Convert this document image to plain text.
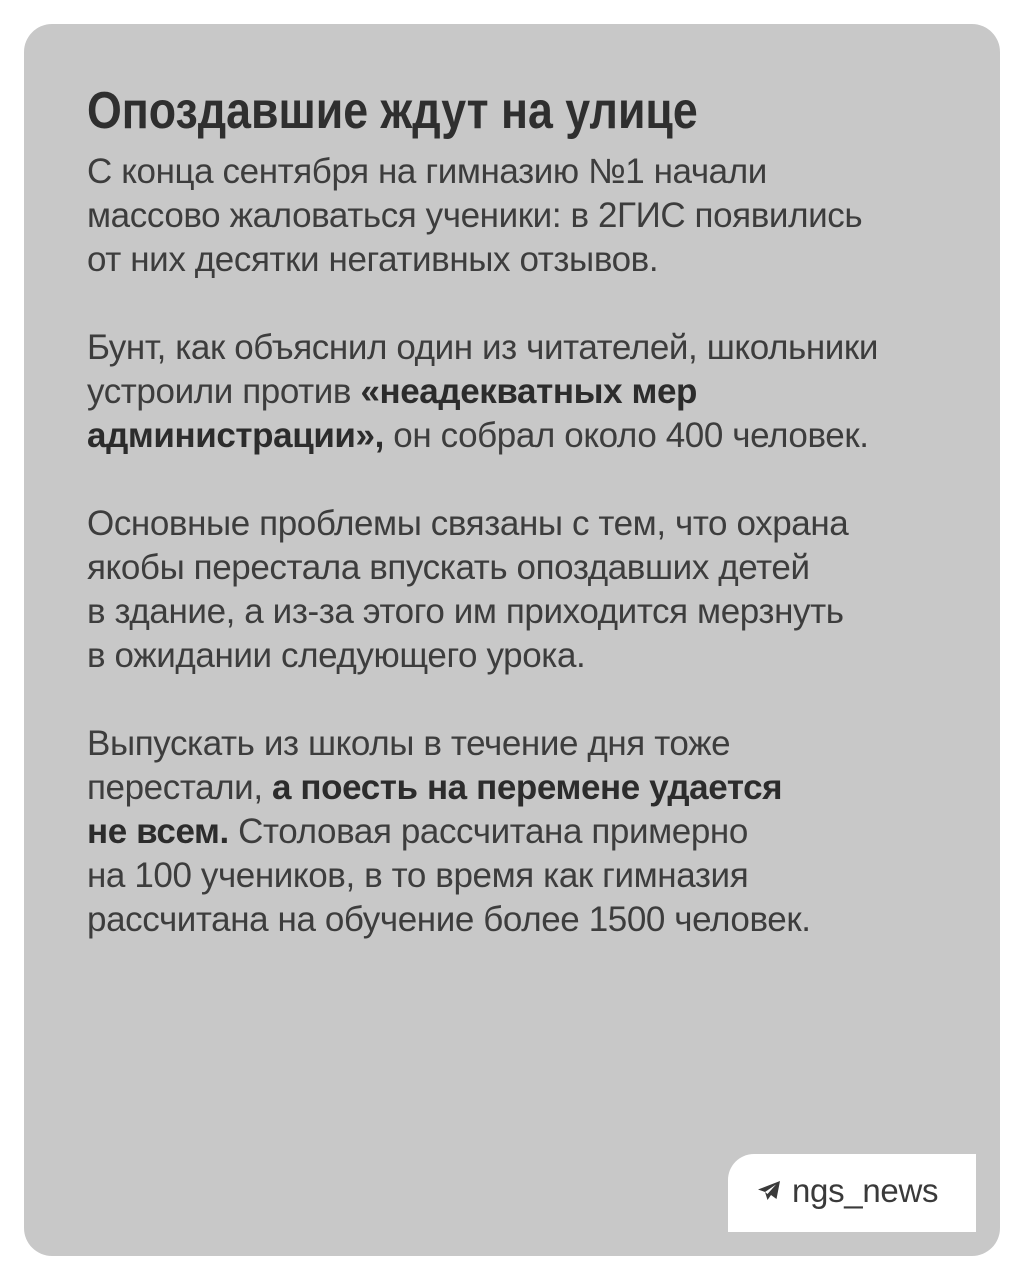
Опоздавшие ждут на улице

С конца сентября на гимназию №1 начали
массово жаловаться ученики: в 2ГИС появились
от них десятки негативных отзывов.

Бунт, как объяснил один из читателей, школьники
устроили против «неадекватных мер
администрации», он собрал около 400 человек.

Основные проблемы связаны с тем, что охрана
якобы перестала впускать опоздавших детей
в здание, а из-за этого им приходится мерзнуть
в ожидании следующего урока.

Выпускать из школы в течение дня тоже
перестали, а поесть на перемене удается
не всем. Столовая рассчитана примерно
на 100 учеников, в то время как гимназия
рассчитана на обучение более 1500 человек.

ngs_news
